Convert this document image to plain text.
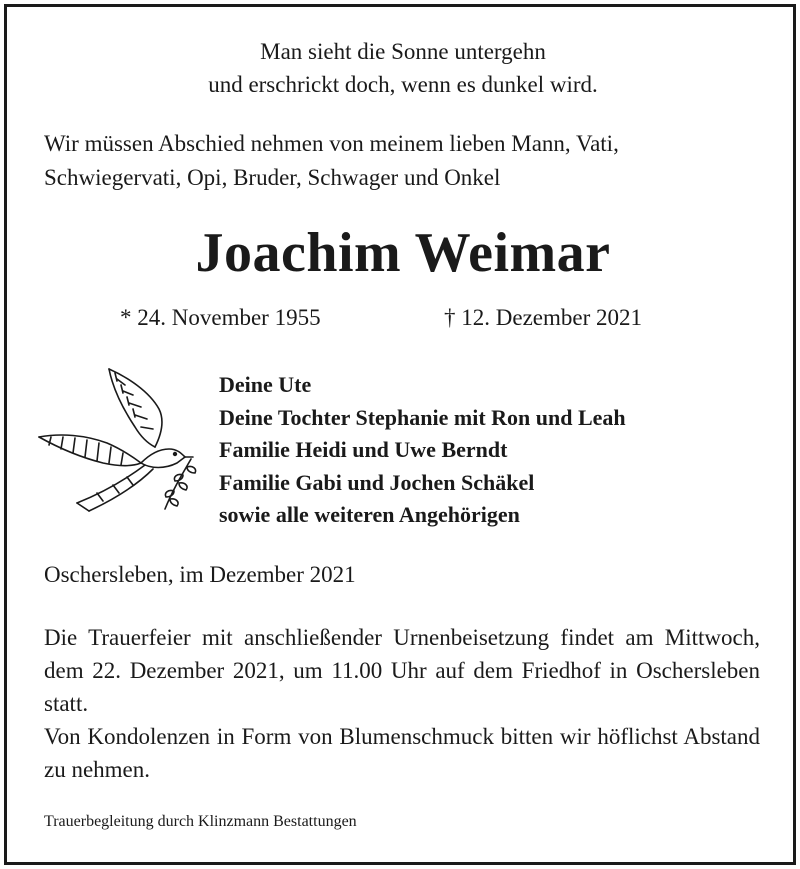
Man sieht die Sonne untergehn
und erschrickt doch, wenn es dunkel wird.
Wir müssen Abschied nehmen von meinem lieben Mann, Vati,
Schwiegervati, Opi, Bruder, Schwager und Onkel
Joachim Weimar
* 24. November 1955	† 12. Dezember 2021
Deine Ute
Deine Tochter Stephanie mit Ron und Leah
Familie Heidi und Uwe Berndt
Familie Gabi und Jochen Schäkel
sowie alle weiteren Angehörigen
Oschersleben, im Dezember 2021

Die Trauerfeier mit anschließender Urnenbeisetzung findet am Mittwoch, dem 22. Dezember 2021, um 11.00 Uhr auf dem Friedhof in Oschersleben statt.

Von Kondolenzen in Form von Blumenschmuck bitten wir höflichst Abstand zu nehmen.

Trauerbegleitung durch Klinzmann Bestattungen
